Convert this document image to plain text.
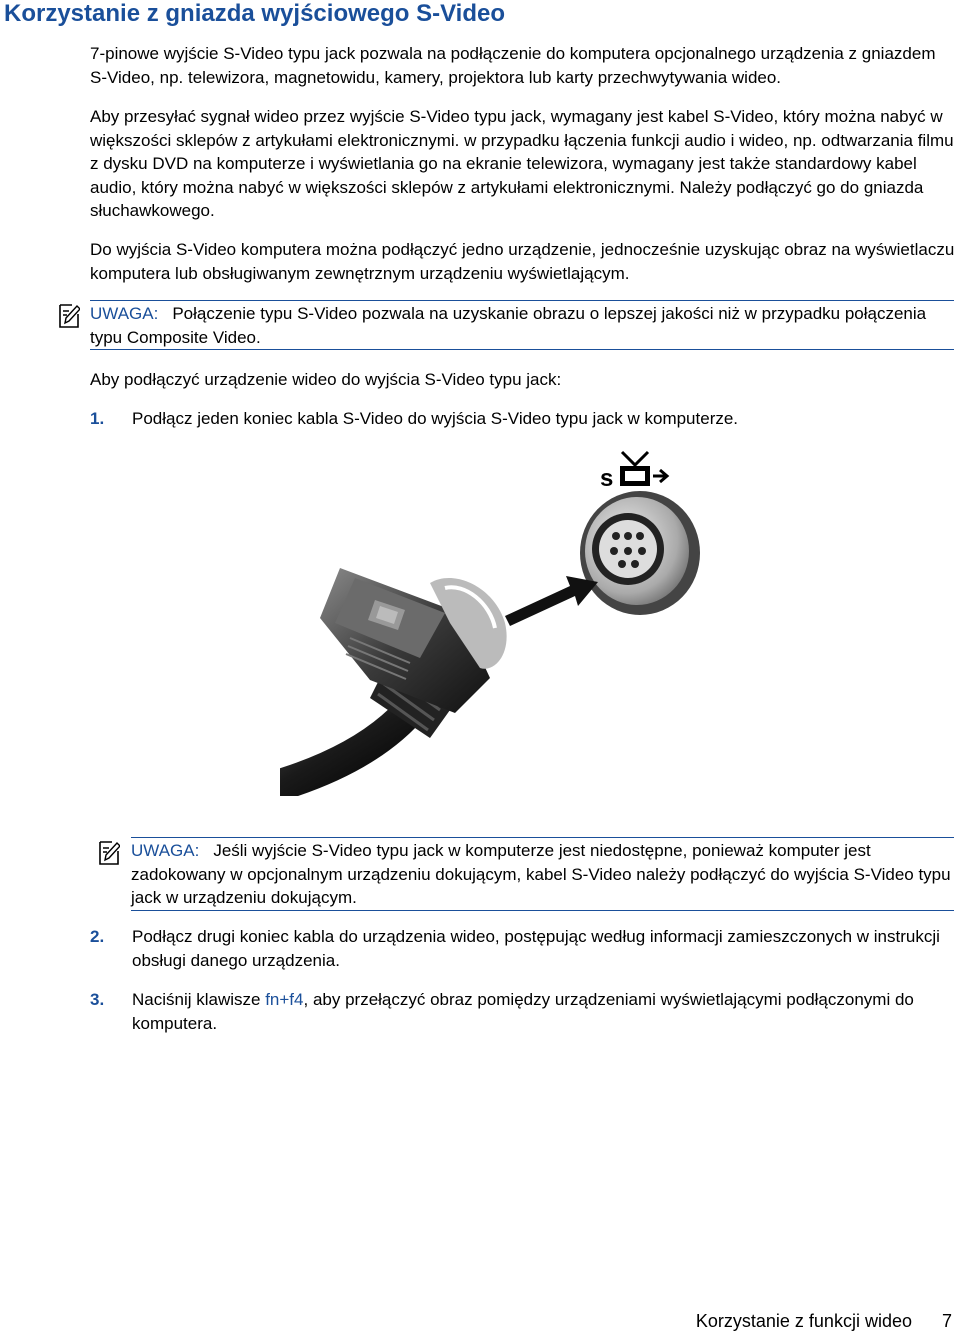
Korzystanie z gniazda wyjściowego S-Video

7-pinowe wyjście S-Video typu jack pozwala na podłączenie do komputera opcjonalnego urządzenia z gniazdem S-Video, np. telewizora, magnetowidu, kamery, projektora lub karty przechwytywania wideo.

Aby przesyłać sygnał wideo przez wyjście S-Video typu jack, wymagany jest kabel S-Video, który można nabyć w większości sklepów z artykułami elektronicznymi. w przypadku łączenia funkcji audio i wideo, np. odtwarzania filmu z dysku DVD na komputerze i wyświetlania go na ekranie telewizora, wymagany jest także standardowy kabel audio, który można nabyć w większości sklepów z artykułami elektronicznymi. Należy podłączyć go do gniazda słuchawkowego.

Do wyjścia S-Video komputera można podłączyć jedno urządzenie, jednocześnie uzyskując obraz na wyświetlaczu komputera lub obsługiwanym zewnętrznym urządzeniu wyświetlającym.

UWAGA: Połączenie typu S-Video pozwala na uzyskanie obrazu o lepszej jakości niż w przypadku połączenia typu Composite Video.

Aby podłączyć urządzenie wideo do wyjścia S-Video typu jack:

1. Podłącz jeden koniec kabla S-Video do wyjścia S-Video typu jack w komputerze.
s
UWAGA: Jeśli wyjście S-Video typu jack w komputerze jest niedostępne, ponieważ komputer jest zadokowany w opcjonalnym urządzeniu dokującym, kabel S-Video należy podłączyć do wyjścia S-Video typu jack w urządzeniu dokującym.
2. Podłącz drugi koniec kabla do urządzenia wideo, postępując według informacji zamieszczonych w instrukcji obsługi danego urządzenia.
3. Naciśnij klawisze fn+f4, aby przełączyć obraz pomiędzy urządzeniami wyświetlającymi podłączonymi do komputera.
Korzystanie z funkcji wideo 7
